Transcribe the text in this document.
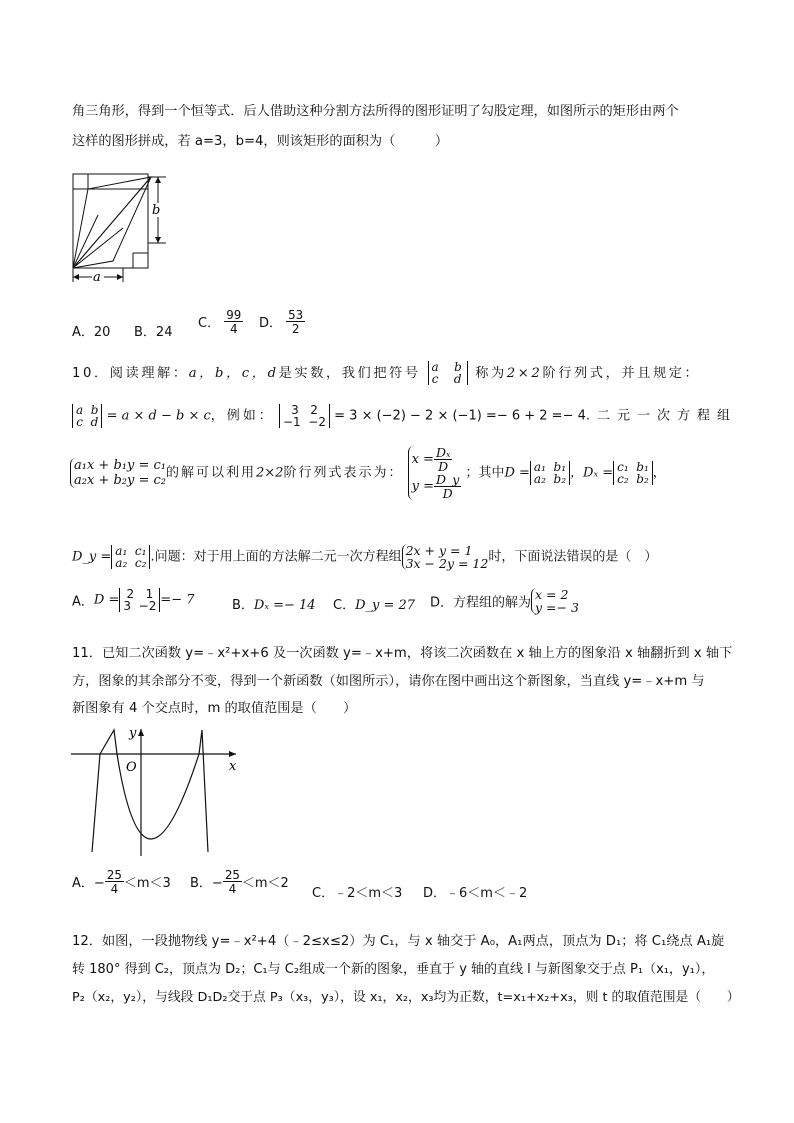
角三角形，得到一个恒等式．后人借助这种分割方法所得的图形证明了勾股定理，如图所示的矩形由两个
这样的图形拼成，若 a=3，b=4，则该矩形的面积为（　　　）
b
a
A．20 B．24
C． $\frac{99}{4}$ D． $\frac{53}{2}$
10．阅读理解：a，b，c，d是实数，我们把符号 a b
c d 称为2×2阶行列式，并且规定：
a b
c d = a × d − b × c，例如： 3 2
−1 −2 = 3 × (−2) − 2 × (−1) =− 6 + 2 =− 4.二元一次方程组
a₁x + b₁y = c₁
a₂x + b₂y = c₂的解可以利用2×2阶行列式表示为： $x = \frac{\text{Dₓ}}{D}$

$y = \frac{D\_y}{D}$ ；其中D = a₁ b₁
a₂ b₂ ，Dₓ = c₁ b₁
c₂ b₂ ，
D_y = a₁ c₁
a₂ c₂ .问题：对于用上面的方法解二元一次方程组 2x + y = 1
3x − 2y = 12时，下面说法错误的是（　）
A．D = 2 1
3 −2 =− 7	B．Dₓ =− 14 C．D_y = 27 D．方程组的解为x = 2
y =− 3
11．已知二次函数 y=﹣x²+x+6 及一次函数 y=﹣x+m，将该二次函数在 x 轴上方的图象沿 x 轴翻折到 x 轴下
方，图象的其余部分不变，得到一个新函数（如图所示），请你在图中画出这个新图象，当直线 y=﹣x+m 与
新图象有 4 个交点时，m 的取值范围是（　　）
y
x
O
A．− $\frac{25}{4} <m<3$ B．− $\frac{25}{4} <m<2$
C．﹣2＜m＜3 D．﹣6＜m＜﹣2
12．如图，一段抛物线 y=﹣x²+4（﹣2≤x≤2）为 C₁，与 x 轴交于 A₀，A₁两点，顶点为 D₁；将 C₁绕点 A₁旋
转 180° 得到 C₂，顶点为 D₂；C₁与 C₂组成一个新的图象，垂直于 y 轴的直线 l 与新图象交于点 P₁（x₁，y₁），
P₂（x₂，y₂），与线段 D₁D₂交于点 P₃（x₃，y₃），设 x₁，x₂，x₃均为正数，t=x₁+x₂+x₃，则 t 的取值范围是（　　）
